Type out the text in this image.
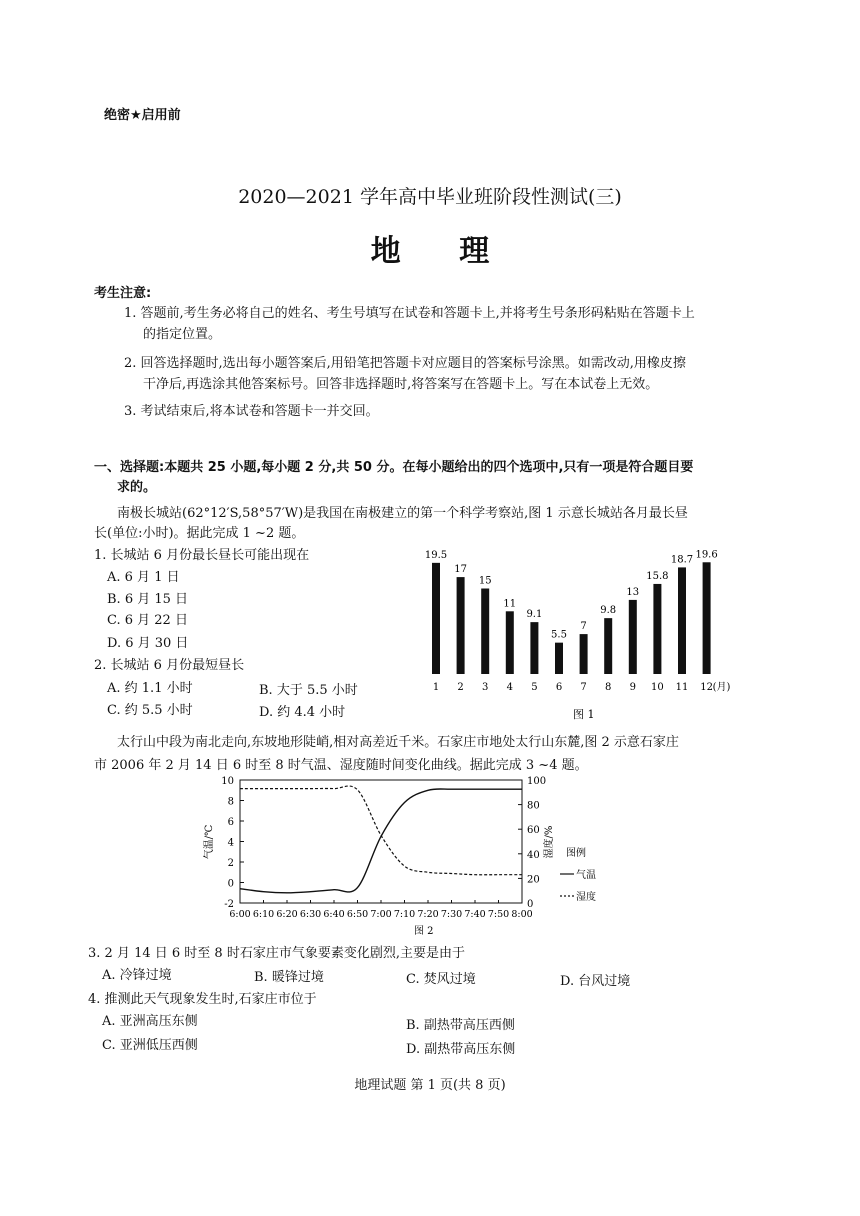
绝密★启用前
2020—2021 学年高中毕业班阶段性测试(三)
地 理
考生注意:
1. 答题前,考生务必将自己的姓名、考生号填写在试卷和答题卡上,并将考生号条形码粘贴在答题卡上
的指定位置。
2. 回答选择题时,选出每小题答案后,用铅笔把答题卡对应题目的答案标号涂黑。如需改动,用橡皮擦
干净后,再选涂其他答案标号。回答非选择题时,将答案写在答题卡上。写在本试卷上无效。
3. 考试结束后,将本试卷和答题卡一并交回。
一、选择题:本题共 25 小题,每小题 2 分,共 50 分。在每小题给出的四个选项中,只有一项是符合题目要
求的。
南极长城站(62°12′S,58°57′W)是我国在南极建立的第一个科学考察站,图 1 示意长城站各月最长昼
长(单位:小时)。据此完成 1 ~2 题。
1. 长城站 6 月份最长昼长可能出现在
A. 6 月 1 日
B. 6 月 15 日
C. 6 月 22 日
D. 6 月 30 日
2. 长城站 6 月份最短昼长
A. 约 1.1 小时	B. 大于 5.5 小时
C. 约 5.5 小时	D. 约 4.4 小时
19.5
1
17
2
15
3
11
4
9.1
5
5.5
6
7
7
9.8
8
13
9
15.8
10
18.7
11
19.6
12 (月)
图 1
太行山中段为南北走向,东坡地形陡峭,相对高差近千米。石家庄市地处太行山东麓,图 2 示意石家庄
市 2006 年 2 月 14 日 6 时至 8 时气温、湿度随时间变化曲线。据此完成 3 ~4 题。
-2
0
2
4
6
8
10
0
20
40
60
80
100
6:00 6:10 6:20 6:30 6:40 6:50 7:00 7:10 7:20 7:30 7:40 7:50 8:00
气温/℃	湿度/% 图例
气温
湿度
图 2
3. 2 月 14 日 6 时至 8 时石家庄市气象要素变化剧烈,主要是由于
A. 冷锋过境	B. 暖锋过境	C. 焚风过境	D. 台风过境
4. 推测此天气现象发生时,石家庄市位于
A. 亚洲高压东侧	B. 副热带高压西侧
C. 亚洲低压西侧	D. 副热带高压东侧
地理试题 第 1 页(共 8 页)
